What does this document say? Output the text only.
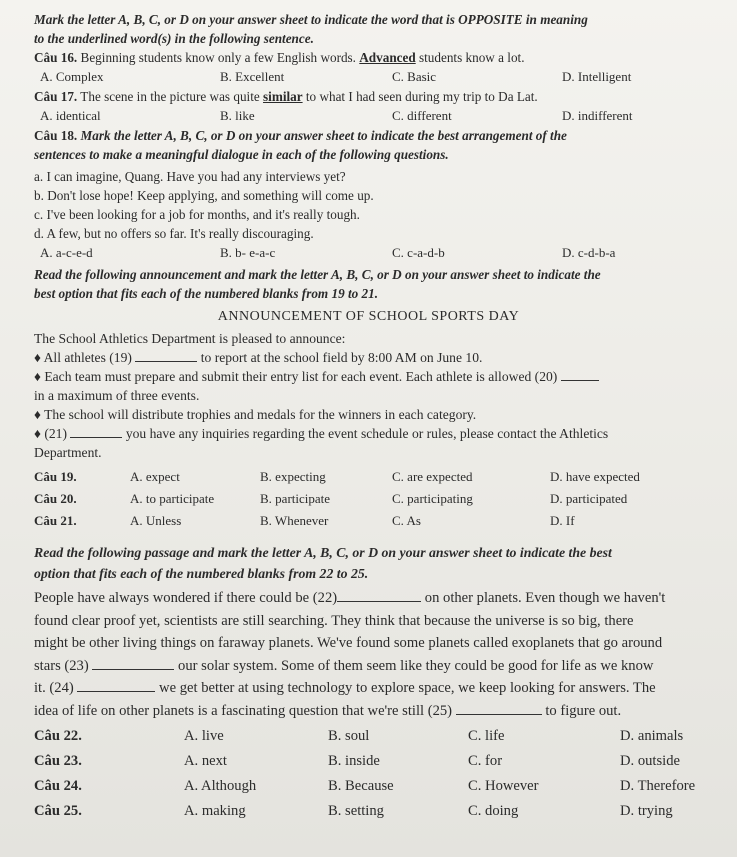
Mark the letter A, B, C, or D on your answer sheet to indicate the word that is OPPOSITE in meaning
to the underlined word(s) in the following sentence.
Câu 16. Beginning students know only a few English words. Advanced students know a lot.
A. Complex	B. Excellent	C. Basic	D. Intelligent
Câu 17. The scene in the picture was quite similar to what I had seen during my trip to Da Lat.
A. identical	B. like	C. different	D. indifferent
Câu 18. Mark the letter A, B, C, or D on your answer sheet to indicate the best arrangement of the
sentences to make a meaningful dialogue in each of the following questions.
a. I can imagine, Quang. Have you had any interviews yet?
b. Don't lose hope! Keep applying, and something will come up.
c. I've been looking for a job for months, and it's really tough.
d. A few, but no offers so far. It's really discouraging.
A. a-c-e-d	B. b- e-a-c	C. c-a-d-b	D. c-d-b-a
Read the following announcement and mark the letter A, B, C, or D on your answer sheet to indicate the
best option that fits each of the numbered blanks from 19 to 21.
ANNOUNCEMENT OF SCHOOL SPORTS DAY
The School Athletics Department is pleased to announce:
♦ All athletes (19)	to report at the school field by 8:00 AM on June 10.
♦ Each team must prepare and submit their entry list for each event. Each athlete is allowed (20)
in a maximum of three events.
♦ The school will distribute trophies and medals for the winners in each category.
♦ (21)	you have any inquiries regarding the event schedule or rules, please contact the Athletics
Department.
Câu 19.	A. expect	B. expecting	C. are expected	D. have expected
Câu 20.	A. to participate	B. participate	C. participating	D. participated
Câu 21.	A. Unless	B. Whenever	C. As	D. If
Read the following passage and mark the letter A, B, C, or D on your answer sheet to indicate the best
option that fits each of the numbered blanks from 22 to 25.
People have always wondered if there could be (22)	on other planets. Even though we haven't
found clear proof yet, scientists are still searching. They think that because the universe is so big, there
might be other living things on faraway planets. We've found some planets called exoplanets that go around
stars (23)	our solar system. Some of them seem like they could be good for life as we know
it. (24)	we get better at using technology to explore space, we keep looking for answers. The
idea of life on other planets is a fascinating question that we're still (25)	to figure out.
Câu 22.	A. live	B. soul	C. life	D. animals
Câu 23.	A. next	B. inside	C. for	D. outside
Câu 24.	A. Although	B. Because	C. However	D. Therefore
Câu 25.	A. making	B. setting	C. doing	D. trying
